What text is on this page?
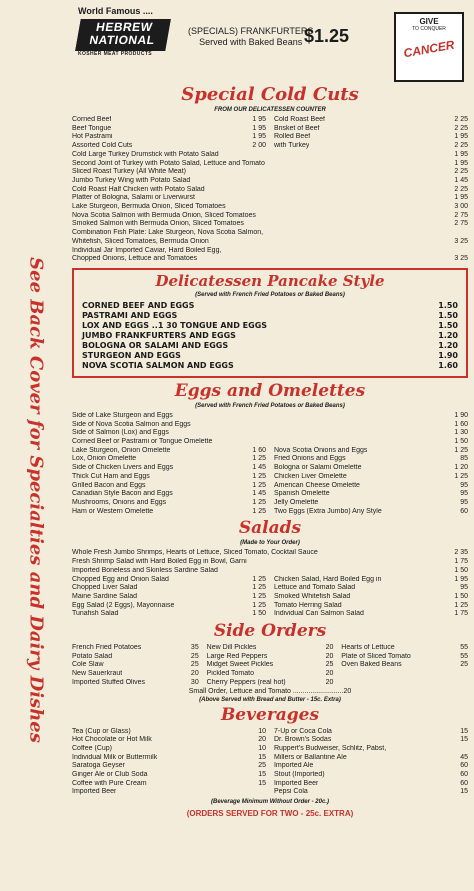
See Back Cover for Specialties and Dairy Dishes
World Famous ....
HEBREW
NATIONAL
KOSHER MEAT PRODUCTS
(SPECIALS) FRANKFURTERS
Served with Baked Beans $1.25
GIVE
TO CONQUER
CANCER
Special Cold Cuts
FROM OUR DELICATESSEN COUNTER
Corned Beef	1 95 Cold Roast Beef	2 25
Beef Tongue	1 95 Brisket of Beef	2 25
Hot Pastrami	1 95 Rolled Beef	1 95
Assorted Cold Cuts	2 00 with Turkey	2 25
Cold Large Turkey Drumstick with Potato Salad	1 95
Second Joint of Turkey with Potato Salad, Lettuce and Tomato	1 95
Sliced Roast Turkey (All White Meat)	2 25
Jumbo Turkey Wing with Potato Salad	1 45
Cold Roast Half Chicken with Potato Salad	2 25
Platter of Bologna, Salami or Liverwurst	1 95
Lake Sturgeon, Bermuda Onion, Sliced Tomatoes	3 00
Nova Scotia Salmon with Bermuda Onion, Sliced Tomatoes	2 75
Smoked Salmon with Bermuda Onion, Sliced Tomatoes	2 75
Combination Fish Plate: Lake Sturgeon, Nova Scotia Salmon,
Whitefish, Sliced Tomatoes, Bermuda Onion	3 25
Individual Jar Imported Caviar, Hard Boiled Egg,
Chopped Onions, Lettuce and Tomatoes	3 25
Delicatessen Pancake Style
(Served with French Fried Potatoes or Baked Beans)
CORNED BEEF AND EGGS	1.50
PASTRAMI AND EGGS	1.50
LOX AND EGGS ..1 30 TONGUE AND EGGS	1.50
JUMBO FRANKFURTERS AND EGGS	1.20
BOLOGNA OR SALAMI AND EGGS	1.20
STURGEON AND EGGS	1.90
NOVA SCOTIA SALMON AND EGGS	1.60
Eggs and Omelettes
(Served with French Fried Potatoes or Baked Beans)
Side of Lake Sturgeon and Eggs	1 90
Side of Nova Scotia Salmon and Eggs	1 60
Side of Salmon (Lox) and Eggs	1 30
Corned Beef or Pastrami or Tongue Omelette	1 50
Lake Sturgeon, Onion Omelette	1 60 Nova Scotia Onions and Eggs	1 25
Lox, Onion Omelette	1 25 Fried Onions and Eggs	85
Side of Chicken Livers and Eggs	1 45 Bologna or Salami Omelette	1 20
Thick Cut Ham and Eggs	1 25 Chicken Liver Omelette	1 25
Grilled Bacon and Eggs	1 25 American Cheese Omelette	95
Canadian Style Bacon and Eggs	1 45 Spanish Omelette	95
Mushrooms, Onions and Eggs	1 25 Jelly Omelette	95
Ham or Western Omelette	1 25 Two Eggs (Extra Jumbo) Any Style	60
Salads
(Made to Your Order)
Whole Fresh Jumbo Shrimps, Hearts of Lettuce, Sliced Tomato, Cocktail Sauce	2 35
Fresh Shrimp Salad with Hard Boiled Egg in Bowl, Garni	1 75
Imported Boneless and Skinless Sardine Salad	1 50
Chopped Egg and Onion Salad	1 25 Chicken Salad, Hard Boiled Egg in	1 95
Chopped Liver Salad	1 25 Lettuce and Tomato Salad	95
Maine Sardine Salad	1 25 Smoked Whitefish Salad	1 50
Egg Salad (2 Eggs), Mayonnaise	1 25 Tomato Herring Salad	1 25
Tunafish Salad	1 50 Individual Can Salmon Salad	1 75
Side Orders
French Fried Potatoes	35 New Dill Pickles	20 Hearts of Lettuce	55
Potato Salad	25 Large Red Peppers	20 Plate of Sliced Tomato	55
Cole Slaw	25 Midget Sweet Pickles	25 Oven Baked Beans	25
New Sauerkraut	20 Pickled Tomato	20
Imported Stuffed Olives	30 Cherry Peppers (real hot)	20
Small Order, Lettuce and Tomato ..........................20
(Above Served with Bread and Butter - 15c. Extra)
Beverages
Tea (Cup or Glass)	10 7-Up or Coca Cola	15
Hot Chocolate or Hot Milk	20 Dr. Brown's Sodas	15
Coffee (Cup)	10 Ruppert's Budweiser, Schlitz, Pabst,
Individual Milk or Buttermilk	15 Millers or Ballantine Ale	45
Saratoga Geyser	25 Imported Ale	60
Ginger Ale or Club Soda	15 Stout (Imported)	60
Coffee with Pure Cream	15 Imported Beer	60
Imported Beer	Pepsi Cola	15
(Beverage Minimum Without Order - 20c.)
(ORDERS SERVED FOR TWO - 25c. EXTRA)
